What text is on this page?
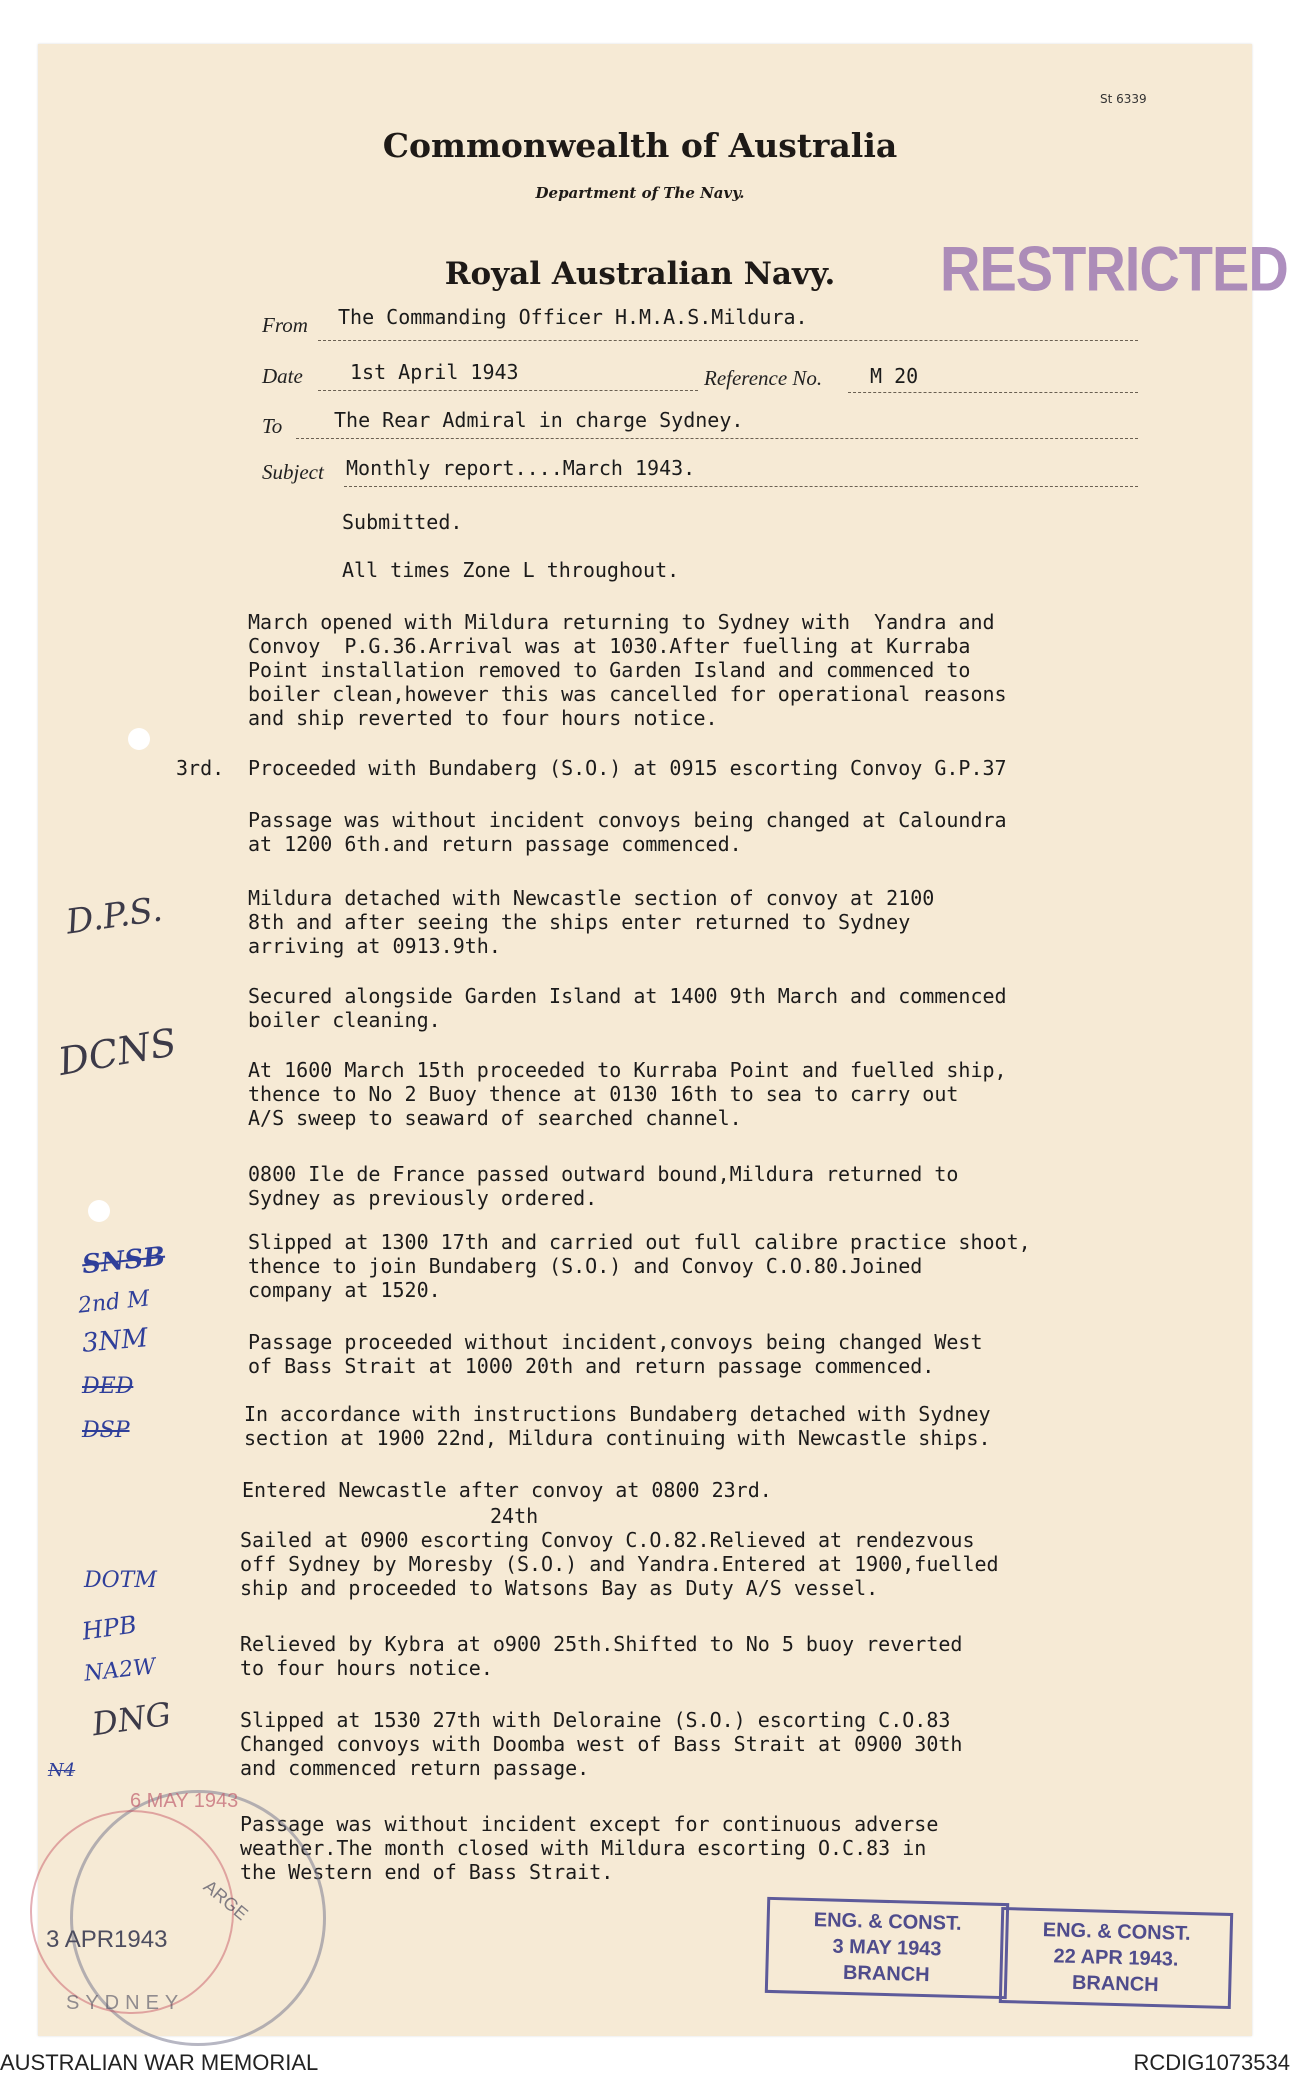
St 6339
Commonwealth of Australia
Department of The Navy.
Royal Australian Navy.	RESTRICTED
From The Commanding Officer H.M.A.S.Mildura.
Date 1st April 1943	Reference No. M 20
To	The Rear Admiral in charge Sydney.
Subject Monthly report....March 1943.
Submitted.
All times Zone L throughout.
March opened with Mildura returning to Sydney with  Yandra and
Convoy  P.G.36.Arrival was at 1030.After fuelling at Kurraba
Point installation removed to Garden Island and commenced to
boiler clean,however this was cancelled for operational reasons
and ship reverted to four hours notice.
3rd. Proceeded with Bundaberg (S.O.) at 0915 escorting Convoy G.P.37
Passage was without incident convoys being changed at Caloundra
at 1200 6th.and return passage commenced.
Mildura detached with Newcastle section of convoy at 2100
8th and after seeing the ships enter returned to Sydney
arriving at 0913.9th.
Secured alongside Garden Island at 1400 9th March and commenced
boiler cleaning.
At 1600 March 15th proceeded to Kurraba Point and fuelled ship,
thence to No 2 Buoy thence at 0130 16th to sea to carry out
A/S sweep to seaward of searched channel.
0800 Ile de France passed outward bound,Mildura returned to
Sydney as previously ordered.
Slipped at 1300 17th and carried out full calibre practice shoot,
thence to join Bundaberg (S.O.) and Convoy C.O.80.Joined
company at 1520.
Passage proceeded without incident,convoys being changed West
of Bass Strait at 1000 20th and return passage commenced.
In accordance with instructions Bundaberg detached with Sydney
section at 1900 22nd, Mildura continuing with Newcastle ships.
Entered Newcastle after convoy at 0800 23rd.
24th
Sailed at 0900 escorting Convoy C.O.82.Relieved at rendezvous
off Sydney by Moresby (S.O.) and Yandra.Entered at 1900,fuelled
ship and proceeded to Watsons Bay as Duty A/S vessel.
Relieved by Kybra at o900 25th.Shifted to No 5 buoy reverted
to four hours notice.
Slipped at 1530 27th with Deloraine (S.O.) escorting C.O.83
Changed convoys with Doomba west of Bass Strait at 0900 30th
and commenced return passage.
Passage was without incident except for continuous adverse
weather.The month closed with Mildura escorting O.C.83 in
the Western end of Bass Strait.
D.P.S.
DCNS
SNSB
2nd M
3NM
DED
DSP
DOTM
HPB
NA2W
DNG
N4
6 MAY 1943
ARGE
3 APR1943
SYDNEY
ENG. & CONST.
3 MAY 1943
BRANCH
ENG. & CONST.
22 APR 1943.
BRANCH
AUSTRALIAN WAR MEMORIAL	RCDIG1073534
